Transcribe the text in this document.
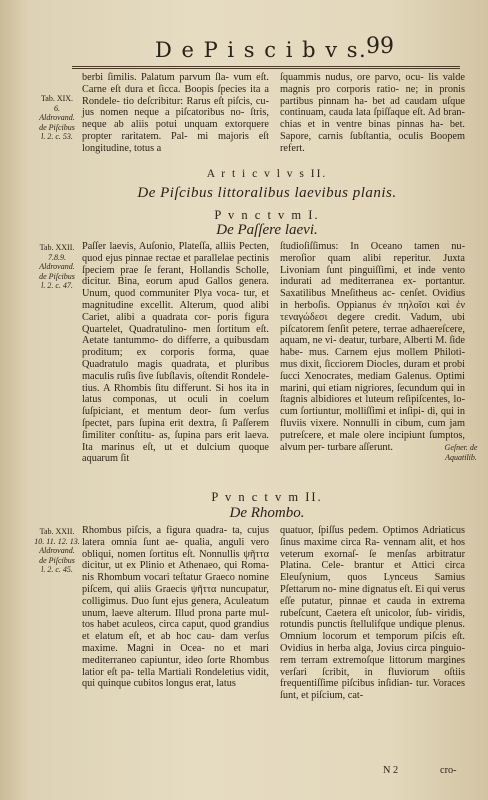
D e P i s c i b v s.
99
Tab. XIX.
6.
Aldrovand.
de Piſcibus
l. 2. c. 53.

berbi ſimilis. Palatum parvum ſla- vum eſt. Carne eſt dura et ſicca. Boopis ſpecies ita a Rondele- tio deſcribitur: Rarus eſt piſcis, cu- jus nomen neque a piſcatoribus no- ſtris, neque ab aliis potui unquam extorquere propter raritatem. Pal- mi majoris eſt longitudine, totus a

ſquammis nudus, ore parvo, ocu- lis valde magnis pro corporis ratio- ne; in pronis partibus pinnam ha- bet ad caudam uſque continuam, cauda lata ſpiſſaque eſt. Ad bran- chias et in ventre binas pinnas ha- bet. Sapore, carnis ſubſtantia, oculis Boopem refert.

A r t i c v l v s II.
De Piſcibus littoralibus laevibus planis.
P v n c t v m I.
De Paſſere laevi.
Tab. XXII.
7.8.9.
Aldrovand.
de Piſcibus
l. 2. c. 47.

Paſſer laevis, Auſonio, Plateſſa, alliis Pecten, quod ejus pinnae rectae et parallelae pectinis ſpeciem prae ſe ferant, Hollandis Scholle, dicitur. Bina, eorum apud Gallos genera. Unum, quod communiter Plya voca- tur, et magnitudine excellit. Alterum, quod alibi Cariet, alibi a quadrata cor- poris figura Quartelet, Quadratulino- men ſortitum eſt. Aetate tantummo- do differre, a quibusdam proditum; ex corporis forma, quae Quadratulo magis quadrata, et pluribus maculis ruſis ſive ſubſlavis, oſtendit Rondele- tius. A Rhombis ſitu differunt. Si hos ita in latus componas, ut oculi in coelum ſuſpiciant, et mentum deor- ſum verſus ſpectet, pars ſupina erit dextra, ſi Paſſerem ſimiliter conſtitu- as, ſupina pars erit laeva. Ita marinus eſt, ut et dulcium quoque aquarum ſit

ſtudioſiſſimus: In Oceano tamen nu- meroſior quam alibi reperitur. Juxta Livoniam ſunt pinguiſſimi, et inde vento indurati ad mediterranea ex- portantur. Saxatilibus Mneſitheus ac- cenſet. Ovidius in herboſis. Oppianus ἐν πηλοῖσι καὶ ἐν τεναγώδεσι degere credit. Vadum, ubi piſcatorem ſenſit petere, terrae adhaereſcere, aquam, ne vi- deatur, turbare, Alberti M. ſide habe- mus. Carnem ejus mollem Philoti- mus dixit, ſicciorem Diocles, duram et probi ſucci Xenocrates, mediam Galenus. Optimi marini, qui etiam nigriores, ſecundum qui in ſtagnis albidiores et luteum reſipiſcentes, lo- cum ſortiuntur, molliſſimi et inſipi- di, qui in fluviis vixere. Nonnulli in cibum, cum jam putreſcere, et male olere incipiunt ſumptos, alvum per- turbare aſſerunt.	Geſner. de
Aquatilib.
P v n c t v m II.
De Rhombo.
Tab. XXII.
10. 11. 12. 13.
Aldrovand.
de Piſcibus
l. 2. c. 45.

Rhombus piſcis, a figura quadra- ta, cujus latera omnia ſunt ae- qualia, anguli vero obliqui, nomen ſortitus eſt. Nonnullis ψῆττα dicitur, ut ex Plinio et Athenaeo, qui Roma- nis Rhombum vocari teſtatur Graeco nomine piſcem, qui aliis Graecis ψῆττα nuncupatur, colligimus. Duo ſunt ejus genera, Aculeatum unum, laeve alterum. Illud prona parte mul- tos habet aculeos, circa caput, quod grandius et elatum eſt, et ab hoc cau- dam verſus maxime. Magni in Ocea- no et mari mediterraneo capiuntur, ideo ſorte Rhombus latior eſt pa- tella Martiali Rondeletius vidit, qui quinque cubitos longus erat, latus

quatuor, ſpiſſus pedem. Optimos Adriaticus ſinus maxime circa Ra- vennam alit, et hos veterum exornaſ- ſe menſas arbitratur Platina. Cele- brantur et Attici circa Eleuſynium, quos Lynceus Samius Pſettarum no- mine dignatus eſt. Ei qui verus eſſe putatur, pinnae et cauda in extrema rubeſcunt, Caetera eſt unicolor, ſub- viridis, rotundis punctis ſtellulifque undique plenus. Omnium locorum et temporum piſcis eſt. Ovidius in herba alga, Jovius circa pinguio- rem terram extremoſque littorum margines verſari ſcribit, in fluviorum oſtiis frequentiſſime piſcibus inſidian- tur. Voraces ſunt, et piſcium, cat-

N 2	cro-
